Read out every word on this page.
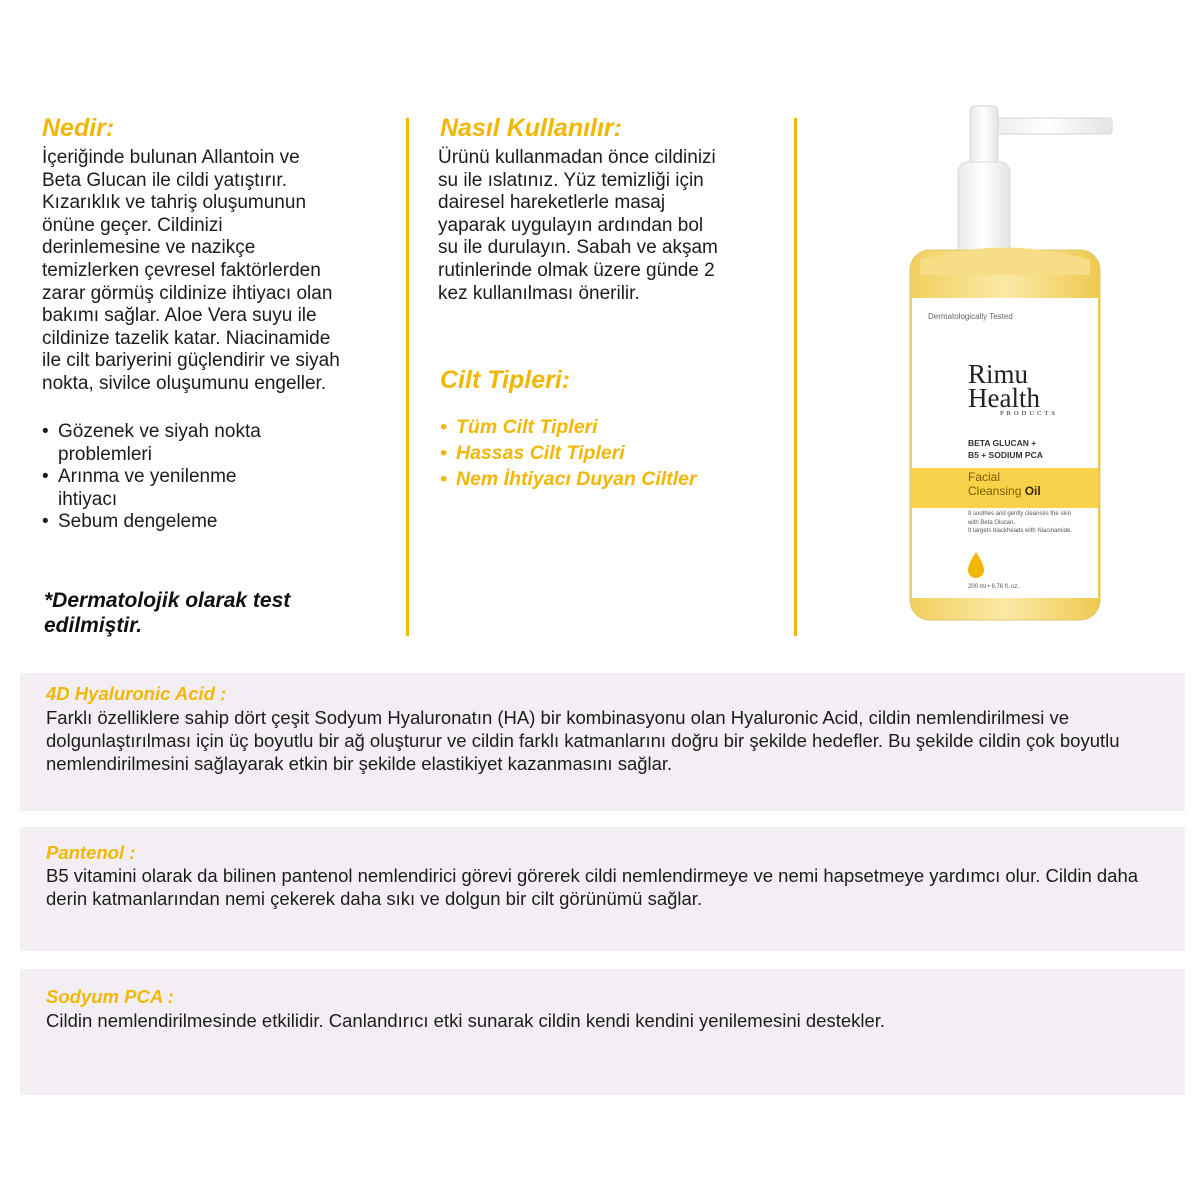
Nedir:
İçeriğinde bulunan Allantoin ve
Beta Glucan ile cildi yatıştırır.
Kızarıklık ve tahriş oluşumunun
önüne geçer. Cildinizi
derinlemesine ve nazikçe
temizlerken çevresel faktörlerden
zarar görmüş cildinize ihtiyacı olan
bakımı sağlar. Aloe Vera suyu ile
cildinize tazelik katar. Niacinamide
ile cilt bariyerini güçlendirir ve siyah
nokta, sivilce oluşumunu engeller.
• Gözenek ve siyah nokta problemleri
• Arınma ve yenilenme ihtiyacı
• Sebum dengeleme
*Dermatolojik olarak test edilmiştir.
Nasıl Kullanılır:
Ürünü kullanmadan önce cildinizi
su ile ıslatınız. Yüz temizliği için
dairesel hareketlerle masaj
yaparak uygulayın ardından bol
su ile durulayın. Sabah ve akşam
rutinlerinde olmak üzere günde 2
kez kullanılması önerilir.
Cilt Tipleri:
• Tüm Cilt Tipleri
• Hassas Cilt Tipleri
• Nem İhtiyacı Duyan Ciltler
Dermatologically Tested
Rimu
Health
PRODUCTS
BETA GLUCAN +
B5 + SODIUM PCA
Facial
Cleansing Oil
It soothes and gently cleanses the skin
with Beta Glucan.
It targets blackheads with Niacinamide.
200 ml • 6.76 fl. oz.
4D Hyaluronic Acid :
Farklı özelliklere sahip dört çeşit Sodyum Hyaluronatın (HA) bir kombinasyonu olan Hyaluronic Acid, cildin nemlendirilmesi ve dolgunlaştırılması için üç boyutlu bir ağ oluşturur ve cildin farklı katmanlarını doğru bir şekilde hedefler. Bu şekilde cildin çok boyutlu nemlendirilmesini sağlayarak etkin bir şekilde elastikiyet kazanmasını sağlar.
Pantenol :
B5 vitamini olarak da bilinen pantenol nemlendirici görevi görerek cildi nemlendirmeye ve nemi hapsetmeye yardımcı olur. Cildin daha derin katmanlarından nemi çekerek daha sıkı ve dolgun bir cilt görünümü sağlar.
Sodyum PCA :
Cildin nemlendirilmesinde etkilidir. Canlandırıcı etki sunarak cildin kendi kendini yenilemesini destekler.
